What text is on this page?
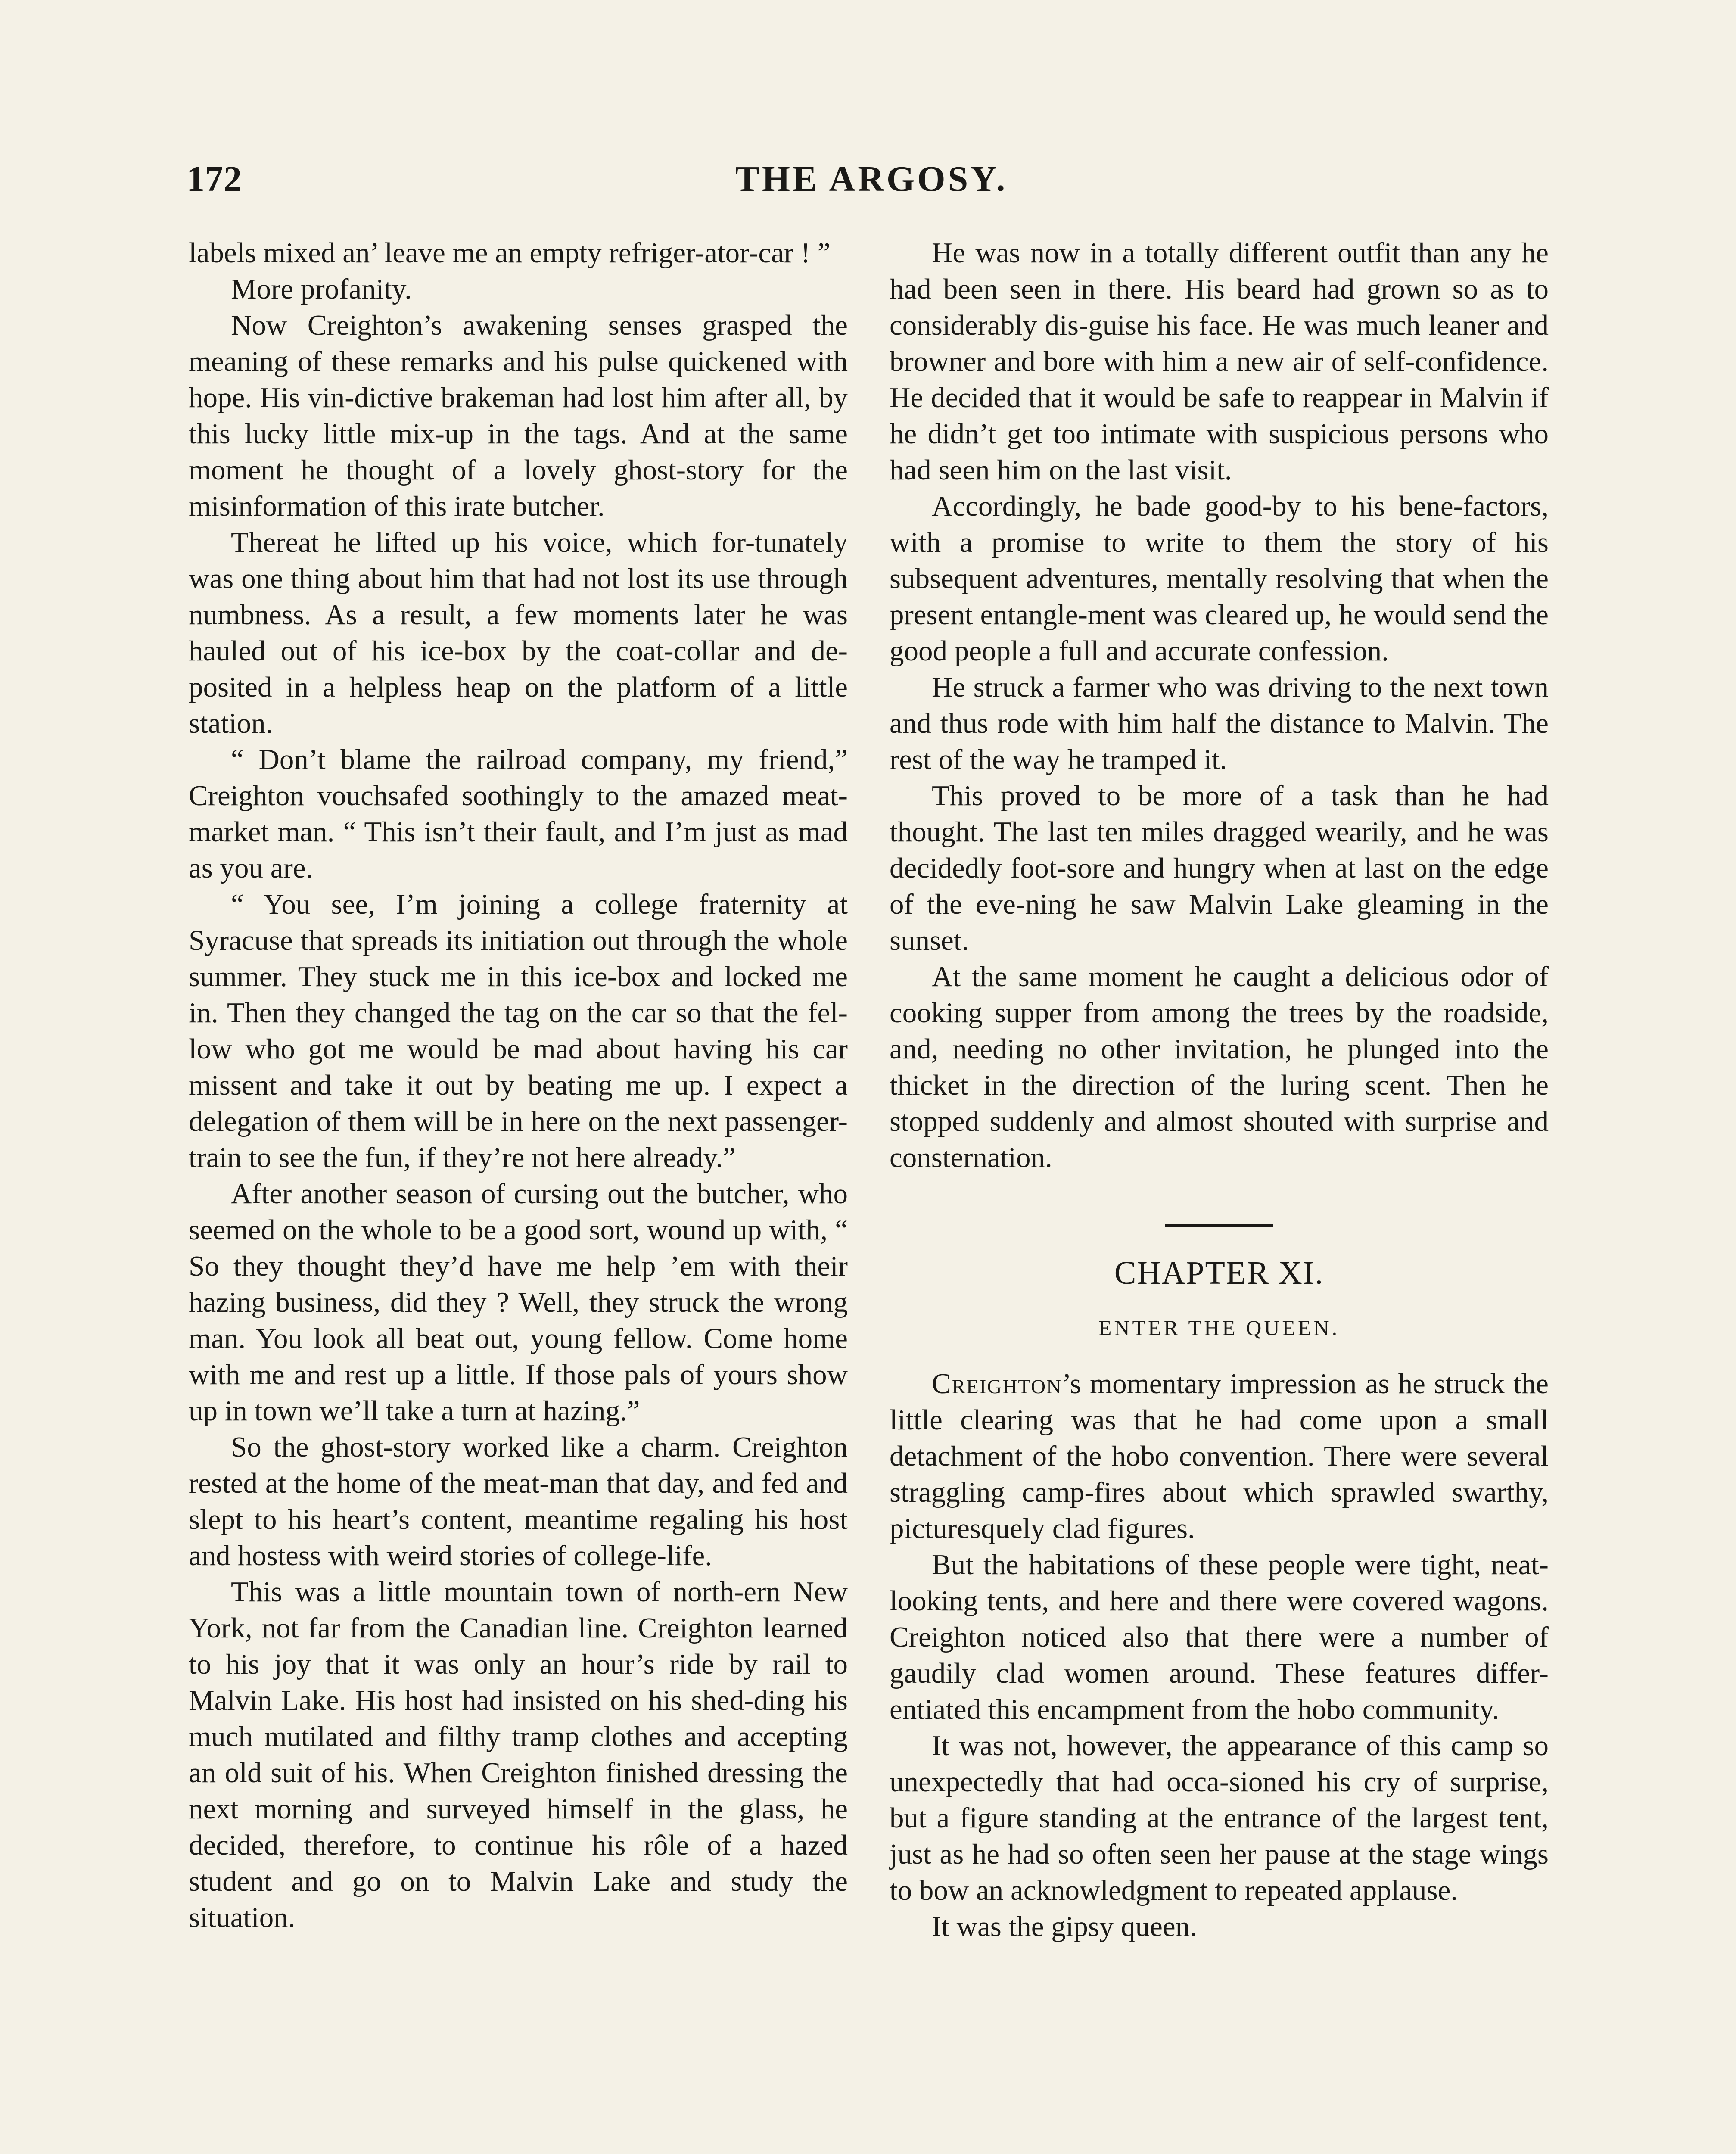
172	THE ARGOSY.

labels mixed an’ leave me an empty refriger-ator-car ! ”

More profanity.

Now Creighton’s awakening senses grasped the meaning of these remarks and his pulse quickened with hope. His vin-dictive brakeman had lost him after all, by this lucky little mix-up in the tags. And at the same moment he thought of a lovely ghost-story for the misinformation of this irate butcher.

Thereat he lifted up his voice, which for-tunately was one thing about him that had not lost its use through numbness. As a result, a few moments later he was hauled out of his ice-box by the coat-collar and de-posited in a helpless heap on the platform of a little station.

“ Don’t blame the railroad company, my friend,” Creighton vouchsafed soothingly to the amazed meat-market man. “ This isn’t their fault, and I’m just as mad as you are.

“ You see, I’m joining a college fraternity at Syracuse that spreads its initiation out through the whole summer. They stuck me in this ice-box and locked me in. Then they changed the tag on the car so that the fel-low who got me would be mad about having his car missent and take it out by beating me up. I expect a delegation of them will be in here on the next passenger-train to see the fun, if they’re not here already.”

After another season of cursing out the butcher, who seemed on the whole to be a good sort, wound up with, “ So they thought they’d have me help ’em with their hazing business, did they ? Well, they struck the wrong man. You look all beat out, young fellow. Come home with me and rest up a little. If those pals of yours show up in town we’ll take a turn at hazing.”

So the ghost-story worked like a charm. Creighton rested at the home of the meat-man that day, and fed and slept to his heart’s content, meantime regaling his host and hostess with weird stories of college-life.

This was a little mountain town of north-ern New York, not far from the Canadian line. Creighton learned to his joy that it was only an hour’s ride by rail to Malvin Lake. His host had insisted on his shed-ding his much mutilated and filthy tramp clothes and accepting an old suit of his. When Creighton finished dressing the next morning and surveyed himself in the glass, he decided, therefore, to continue his rôle of a hazed student and go on to Malvin Lake and study the situation.

He was now in a totally different outfit than any he had been seen in there. His beard had grown so as to considerably dis-guise his face. He was much leaner and browner and bore with him a new air of self-confidence. He decided that it would be safe to reappear in Malvin if he didn’t get too intimate with suspicious persons who had seen him on the last visit.

Accordingly, he bade good-by to his bene-factors, with a promise to write to them the story of his subsequent adventures, mentally resolving that when the present entangle-ment was cleared up, he would send the good people a full and accurate confession.

He struck a farmer who was driving to the next town and thus rode with him half the distance to Malvin. The rest of the way he tramped it.

This proved to be more of a task than he had thought. The last ten miles dragged wearily, and he was decidedly foot-sore and hungry when at last on the edge of the eve-ning he saw Malvin Lake gleaming in the sunset.

At the same moment he caught a delicious odor of cooking supper from among the trees by the roadside, and, needing no other invitation, he plunged into the thicket in the direction of the luring scent. Then he stopped suddenly and almost shouted with surprise and consternation.

CHAPTER XI.
ENTER THE QUEEN.

Creighton’s momentary impression as he struck the little clearing was that he had come upon a small detachment of the hobo convention. There were several straggling camp-fires about which sprawled swarthy, picturesquely clad figures.

But the habitations of these people were tight, neat-looking tents, and here and there were covered wagons. Creighton noticed also that there were a number of gaudily clad women around. These features differ-entiated this encampment from the hobo community.

It was not, however, the appearance of this camp so unexpectedly that had occa-sioned his cry of surprise, but a figure standing at the entrance of the largest tent, just as he had so often seen her pause at the stage wings to bow an acknowledgment to repeated applause.

It was the gipsy queen.
